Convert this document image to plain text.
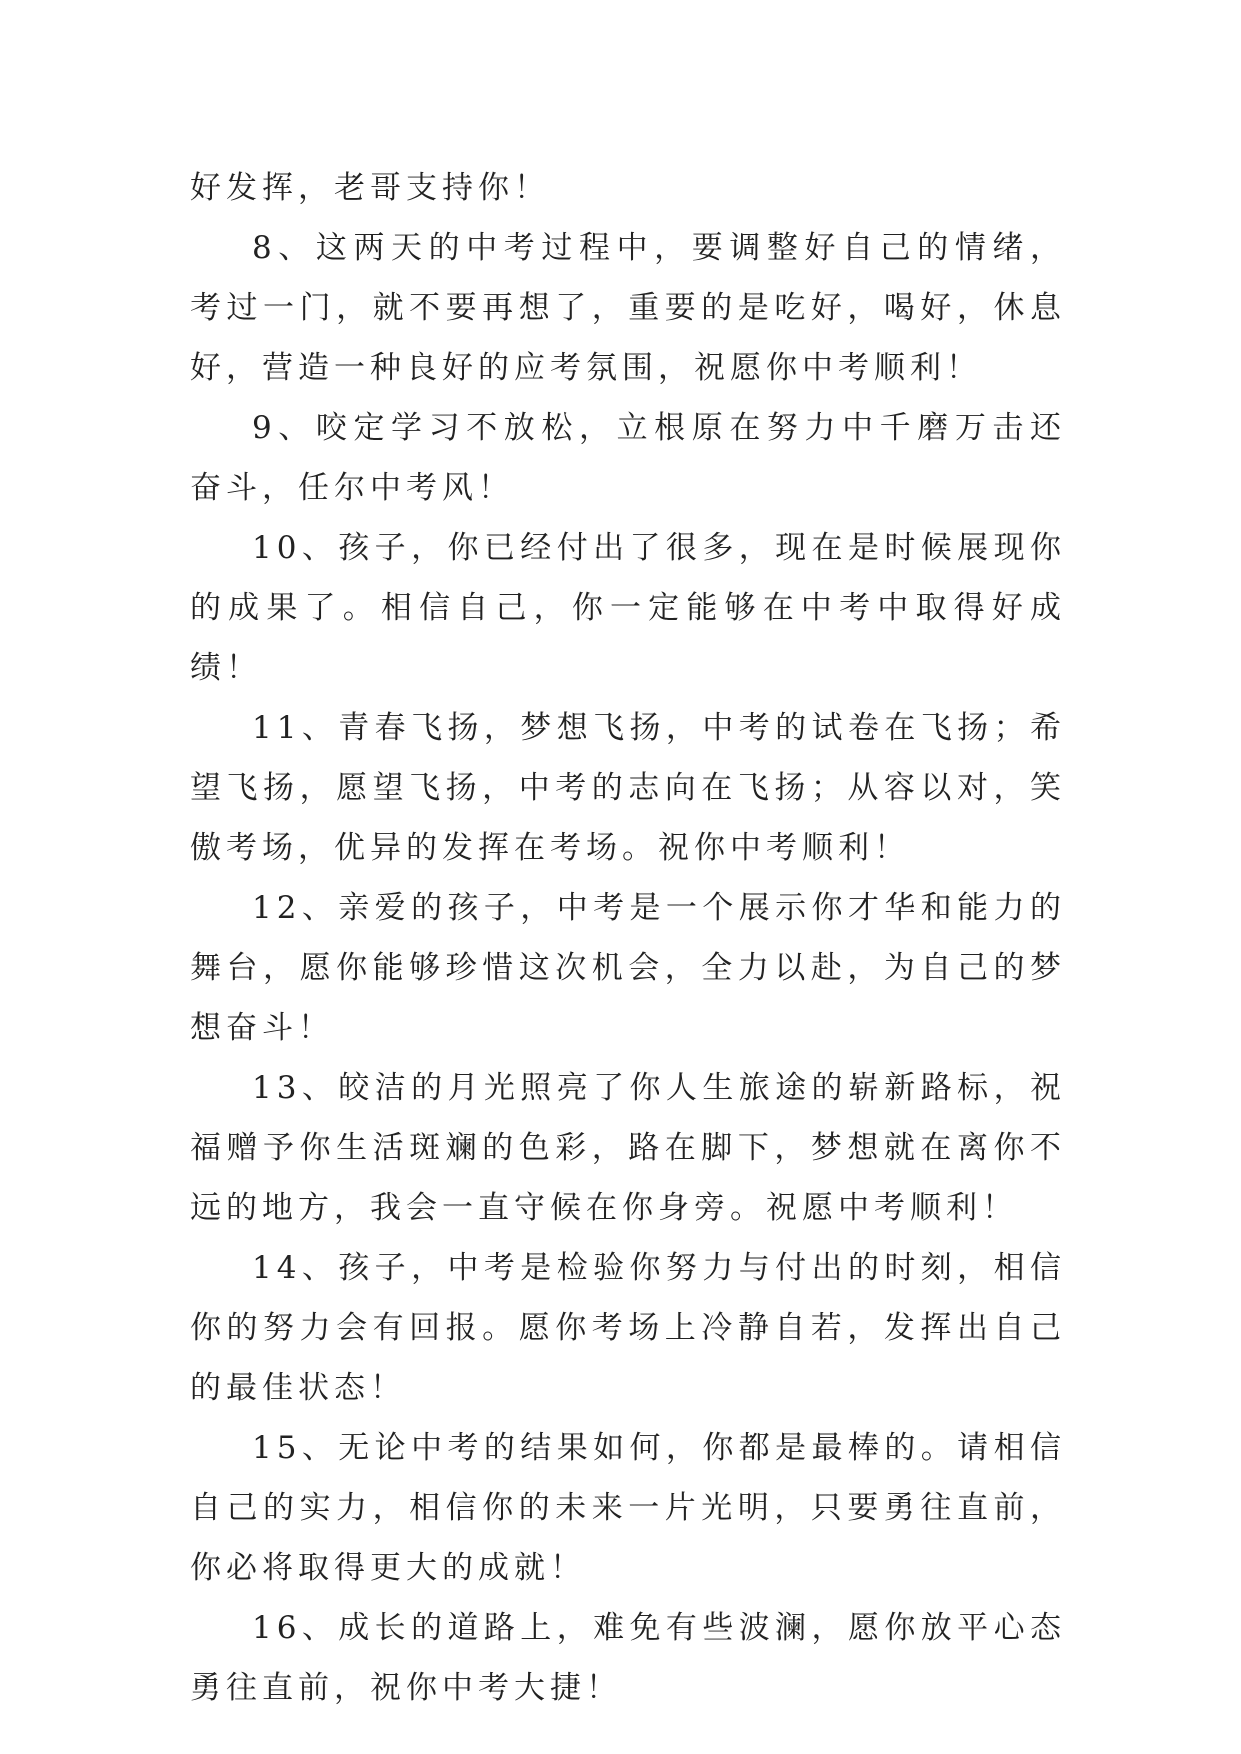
好发挥，老哥支持你！

8、这两天的中考过程中，要调整好自己的情绪，考过一门，就不要再想了，重要的是吃好，喝好，休息好，营造一种良好的应考氛围，祝愿你中考顺利！

9、咬定学习不放松，立根原在努力中千磨万击还奋斗，任尔中考风！

10、孩子，你已经付出了很多，现在是时候展现你的成果了。相信自己，你一定能够在中考中取得好成绩！

11、青春飞扬，梦想飞扬，中考的试卷在飞扬；希望飞扬，愿望飞扬，中考的志向在飞扬；从容以对，笑傲考场，优异的发挥在考场。祝你中考顺利！

12、亲爱的孩子，中考是一个展示你才华和能力的舞台，愿你能够珍惜这次机会，全力以赴，为自己的梦想奋斗！

13、皎洁的月光照亮了你人生旅途的崭新路标，祝福赠予你生活斑斓的色彩，路在脚下，梦想就在离你不远的地方，我会一直守候在你身旁。祝愿中考顺利！

14、孩子，中考是检验你努力与付出的时刻，相信你的努力会有回报。愿你考场上冷静自若，发挥出自己的最佳状态！

15、无论中考的结果如何，你都是最棒的。请相信自己的实力，相信你的未来一片光明，只要勇往直前，你必将取得更大的成就！

16、成长的道路上，难免有些波澜，愿你放平心态勇往直前，祝你中考大捷！
